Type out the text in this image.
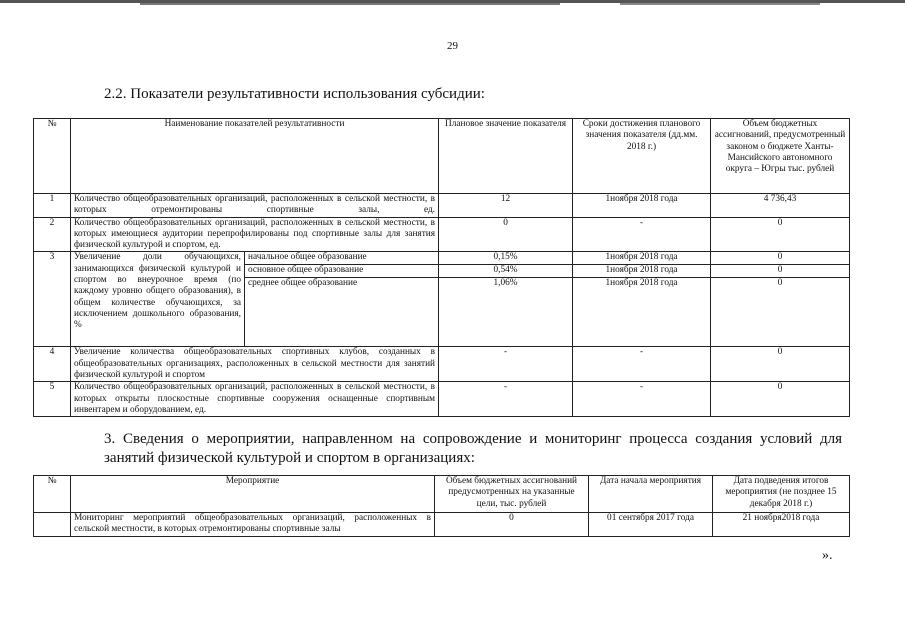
29
2.2. Показатели результативности использования субсидии:
№	Наименование показателей результативности		Плановое значение показателя	Сроки достижения планового значения показателя (дд.мм. 2018 г.)	Объем бюджетных ассигнований, предусмотренный законом о бюджете Ханты-Мансийского автономного округа – Югры тыс. рублей
1	Количество общеобразовательных организаций, расположенных в сельской местности, в которых отремонтированы спортивные залы, ед.		12	1ноября 2018 года	4 736,43
2	Количество общеобразовательных организаций, расположенных в сельской местности, в которых имеющиеся аудитории перепрофилированы под спортивные залы для занятия физической культурой и спортом, ед.		0	-	0
3	Увеличение доли обучающихся, занимающихся физической культурой и спортом во внеурочное время (по каждому уровню общего образования), в общем количестве обучающихся, за исключением дошкольного образования, %	начальное общее образование	0,15%	1ноября 2018 года	0
		основное общее образование	0,54%	1ноября 2018 года	0
		среднее общее образование	1,06%	1ноября 2018 года	0
4	Увеличение количества общеобразовательных спортивных клубов, созданных в общеобразовательных организациях, расположенных в сельской местности для занятий физической культурой и спортом		-	-	0
5	Количество общеобразовательных организаций, расположенных в сельской местности, в которых открыты плоскостные спортивные сооружения оснащенные спортивным инвентарем и оборудованием, ед.		-	-	0
3. Сведения о мероприятии, направленном на сопровождение и мониторинг процесса создания условий для
занятий физической культурой и спортом в организациях:
№	Мероприятие	Объем бюджетных ассигнований предусмотренных на указанные цели, тыс. рублей	Дата начала мероприятия	Дата подведения итогов мероприятия (не позднее 15 декабря 2018 г.)
	Мониторинг мероприятий общеобразовательных организаций, расположенных в сельской местности, в которых отремонтированы спортивные залы	0	01 сентября 2017 года	21 ноября2018 года
».
